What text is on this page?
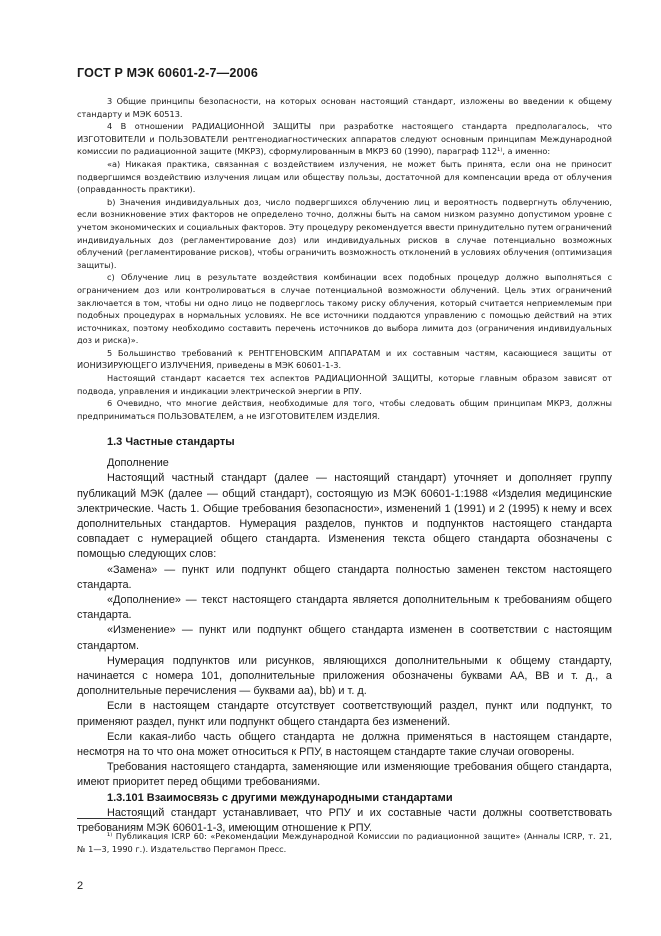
ГОСТ Р МЭК 60601-2-7—2006

3 Общие принципы безопасности, на которых основан настоящий стандарт, изложены во введении к общему стандарту и МЭК 60513.

4 В отношении РАДИАЦИОННОЙ ЗАЩИТЫ при разработке настоящего стандарта предполагалось, что ИЗГОТОВИТЕЛИ и ПОЛЬЗОВАТЕЛИ рентгенодиагностических аппаратов следуют основным принципам Международной комиссии по радиационной защите (МКРЗ), сформулированным в МКРЗ 60 (1990), параграф 112¹⁾, а именно:

«а) Никакая практика, связанная с воздействием излучения, не может быть принята, если она не приносит подвергшимся воздействию излучения лицам или обществу пользы, достаточной для компенсации вреда от облучения (оправданность практики).

b) Значения индивидуальных доз, число подвергшихся облучению лиц и вероятность подвергнуть облучению, если возникновение этих факторов не определено точно, должны быть на самом низком разумно допустимом уровне с учетом экономических и социальных факторов. Эту процедуру рекомендуется ввести принудительно путем ограничений индивидуальных доз (регламентирование доз) или индивидуальных рисков в случае потенциально возможных облучений (регламентирование рисков), чтобы ограничить возможность отклонений в условиях облучения (оптимизация защиты).

с) Облучение лиц в результате воздействия комбинации всех подобных процедур должно выполняться с ограничением доз или контролироваться в случае потенциальной возможности облучений. Цель этих ограничений заключается в том, чтобы ни одно лицо не подверглось такому риску облучения, который считается неприемлемым при подобных процедурах в нормальных условиях. Не все источники поддаются управлению с помощью действий на этих источниках, поэтому необходимо составить перечень источников до выбора лимита доз (ограничения индивидуальных доз и риска)».

5 Большинство требований к РЕНТГЕНОВСКИМ АППАРАТАМ и их составным частям, касающиеся защиты от ИОНИЗИРУЮЩЕГО ИЗЛУЧЕНИЯ, приведены в МЭК 60601-1-3.

Настоящий стандарт касается тех аспектов РАДИАЦИОННОЙ ЗАЩИТЫ, которые главным образом зависят от подвода, управления и индикации электрической энергии в РПУ.

6 Очевидно, что многие действия, необходимые для того, чтобы следовать общим принципам МКРЗ, должны предприниматься ПОЛЬЗОВАТЕЛЕМ, а не ИЗГОТОВИТЕЛЕМ ИЗДЕЛИЯ.

1.3 Частные стандарты

Дополнение

Настоящий частный стандарт (далее — настоящий стандарт) уточняет и дополняет группу публикаций МЭК (далее — общий стандарт), состоящую из МЭК 60601-1:1988 «Изделия медицинские электрические. Часть 1. Общие требования безопасности», изменений 1 (1991) и 2 (1995) к нему и всех дополнительных стандартов. Нумерация разделов, пунктов и подпунктов настоящего стандарта совпадает с нумерацией общего стандарта. Изменения текста общего стандарта обозначены с помощью следующих слов:

«Замена» — пункт или подпункт общего стандарта полностью заменен текстом настоящего стандарта.

«Дополнение» — текст настоящего стандарта является дополнительным к требованиям общего стандарта.

«Изменение» — пункт или подпункт общего стандарта изменен в соответствии с настоящим стандартом.

Нумерация подпунктов или рисунков, являющихся дополнительными к общему стандарту, начинается с номера 101, дополнительные приложения обозначены буквами АА, ВВ и т. д., а дополнительные перечисления — буквами аа), bb) и т. д.

Если в настоящем стандарте отсутствует соответствующий раздел, пункт или подпункт, то применяют раздел, пункт или подпункт общего стандарта без изменений.

Если какая-либо часть общего стандарта не должна применяться в настоящем стандарте, несмотря на то что она может относиться к РПУ, в настоящем стандарте такие случаи оговорены.

Требования настоящего стандарта, заменяющие или изменяющие требования общего стандарта, имеют приоритет перед общими требованиями.

1.3.101 Взаимосвязь с другими международными стандартами

Настоящий стандарт устанавливает, что РПУ и их составные части должны соответствовать требованиям МЭК 60601-1-3, имеющим отношение к РПУ.

¹⁾ Публикация ICRP 60: «Рекомендации Международной Комиссии по радиационной защите» (Анналы ICRP, т. 21, № 1—3, 1990 г.). Издательство Пергамон Пресс.

2
